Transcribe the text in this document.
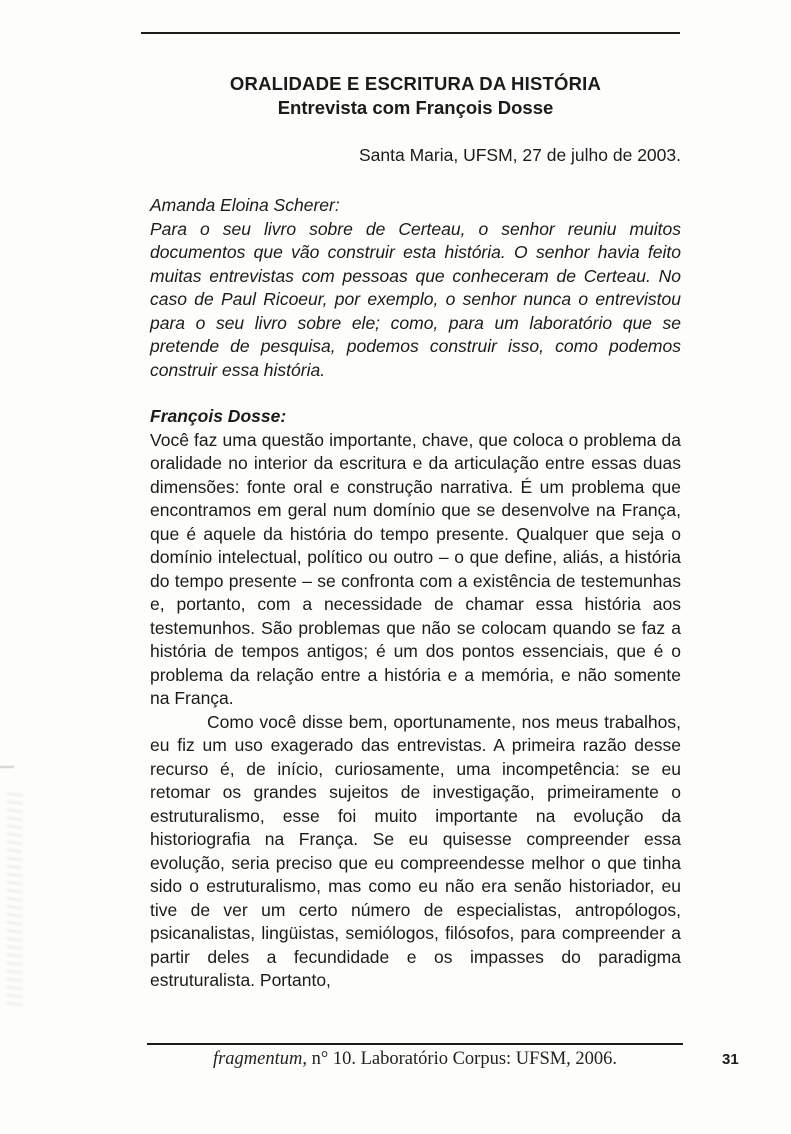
ORALIDADE E ESCRITURA DA HISTÓRIA
Entrevista com François Dosse

Santa Maria, UFSM, 27 de julho de 2003.

Amanda Eloina Scherer:

Para o seu livro sobre de Certeau, o senhor reuniu muitos documentos que vão construir esta história. O senhor havia feito muitas entrevistas com pessoas que conheceram de Certeau. No caso de Paul Ricoeur, por exemplo, o senhor nunca o entrevistou para o seu livro sobre ele; como, para um laboratório que se pretende de pesquisa, podemos construir isso, como podemos construir essa história.

François Dosse:

Você faz uma questão importante, chave, que coloca o problema da oralidade no interior da escritura e da articulação entre essas duas dimensões: fonte oral e construção narrativa. É um problema que encontramos em geral num domínio que se desenvolve na França, que é aquele da história do tempo presente. Qualquer que seja o domínio intelectual, político ou outro – o que define, aliás, a história do tempo presente – se confronta com a existência de testemunhas e, portanto, com a necessidade de chamar essa história aos testemunhos. São problemas que não se colocam quando se faz a história de tempos antigos; é um dos pontos essenciais, que é o problema da relação entre a história e a memória, e não somente na França.

Como você disse bem, oportunamente, nos meus trabalhos, eu fiz um uso exagerado das entrevistas. A primeira razão desse recurso é, de início, curiosamente, uma incompetência: se eu retomar os grandes sujeitos de investigação, primeiramente o estruturalismo, esse foi muito importante na evolução da historiografia na França. Se eu quisesse compreender essa evolução, seria preciso que eu compreendesse melhor o que tinha sido o estruturalismo, mas como eu não era senão historiador, eu tive de ver um certo número de especialistas, antropólogos, psicanalistas, lingüistas, semiólogos, filósofos, para compreender a partir deles a fecundidade e os impasses do paradigma estruturalista. Portanto,

fragmentum, n° 10. Laboratório Corpus: UFSM, 2006.	31
